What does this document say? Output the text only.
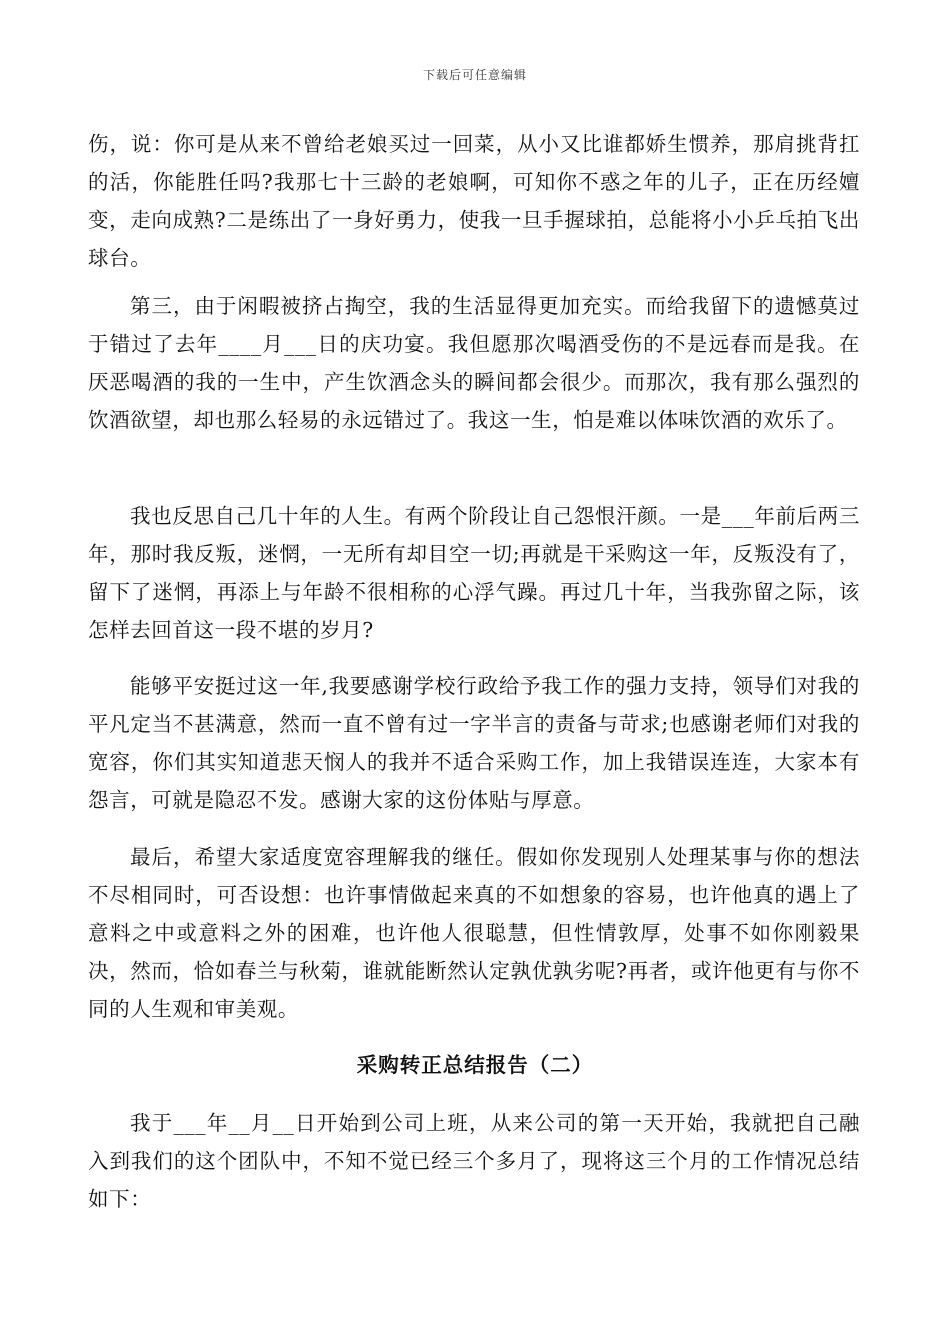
下载后可任意编辑

伤，说：你可是从来不曾给老娘买过一回菜，从小又比谁都娇生惯养，那肩挑背扛的活，你能胜任吗?我那七十三龄的老娘啊，可知你不惑之年的儿子，正在历经嬗变，走向成熟?二是练出了一身好勇力，使我一旦手握球拍，总能将小小乒乓拍飞出球台。

第三，由于闲暇被挤占掏空，我的生活显得更加充实。而给我留下的遗憾莫过于错过了去年____月___日的庆功宴。我但愿那次喝酒受伤的不是远春而是我。在厌恶喝酒的我的一生中，产生饮酒念头的瞬间都会很少。而那次，我有那么强烈的饮酒欲望，却也那么轻易的永远错过了。我这一生，怕是难以体味饮酒的欢乐了。

我也反思自己几十年的人生。有两个阶段让自己怨恨汗颜。一是___年前后两三年，那时我反叛，迷惘，一无所有却目空一切;再就是干采购这一年，反叛没有了，留下了迷惘，再添上与年龄不很相称的心浮气躁。再过几十年，当我弥留之际，该怎样去回首这一段不堪的岁月?

能够平安挺过这一年,我要感谢学校行政给予我工作的强力支持，领导们对我的平凡定当不甚满意，然而一直不曾有过一字半言的责备与苛求;也感谢老师们对我的宽容，你们其实知道悲天悯人的我并不适合采购工作，加上我错误连连，大家本有怨言，可就是隐忍不发。感谢大家的这份体贴与厚意。

最后，希望大家适度宽容理解我的继任。假如你发现别人处理某事与你的想法不尽相同时，可否设想：也许事情做起来真的不如想象的容易，也许他真的遇上了意料之中或意料之外的困难，也许他人很聪慧，但性情敦厚，处事不如你刚毅果决，然而，恰如春兰与秋菊，谁就能断然认定孰优孰劣呢?再者，或许他更有与你不同的人生观和审美观。

采购转正总结报告（二）

我于___年__月__日开始到公司上班，从来公司的第一天开始，我就把自己融入到我们的这个团队中，不知不觉已经三个多月了，现将这三个月的工作情况总结如下：
